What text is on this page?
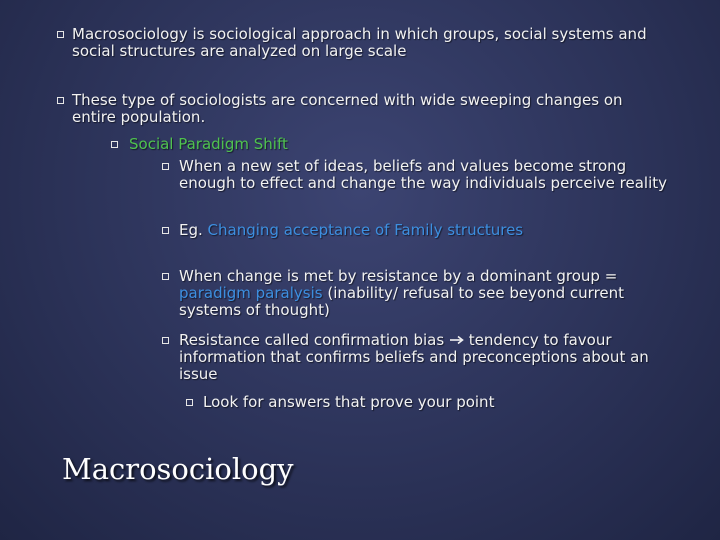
Macrosociology is sociological approach in which groups, social systems and social structures are analyzed on large scale
These type of sociologists are concerned with wide sweeping changes on entire population.
Social Paradigm Shift
When a new set of ideas, beliefs and values become strong enough to effect and change the way individuals perceive reality
Eg. Changing acceptance of Family structures
When change is met by resistance by a dominant group = paradigm paralysis (inability/ refusal to see beyond current systems of thought)
Resistance called confirmation bias  tendency to favour information that confirms beliefs and preconceptions about an issue
Look for answers that prove your point
Macrosociology
